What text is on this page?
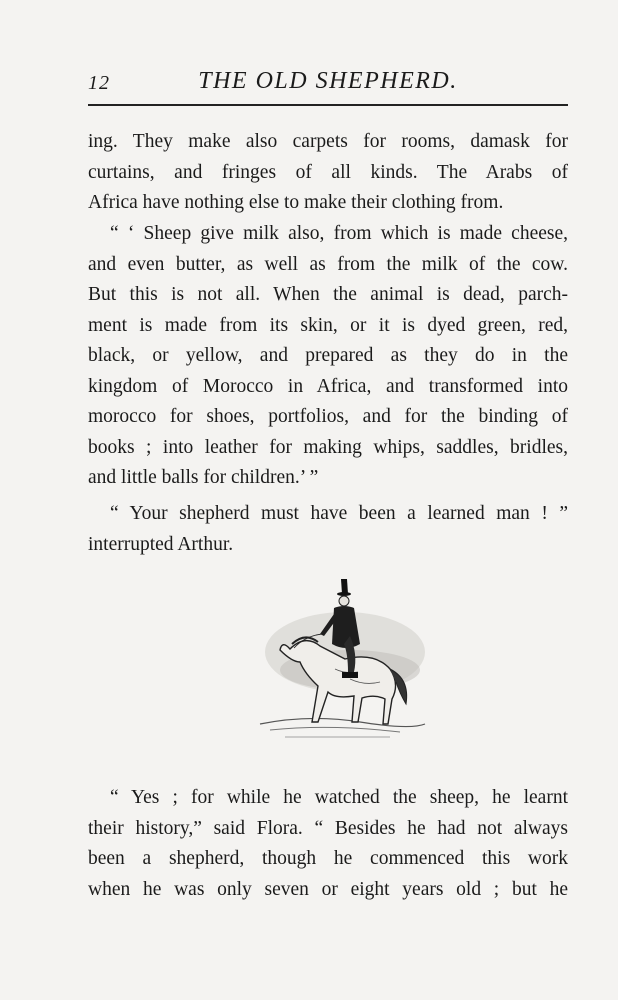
12	THE OLD SHEPHERD.
ing. They make also carpets for rooms, damask for
curtains, and fringes of all kinds. The Arabs of
Africa have nothing else to make their clothing from.
“ ‘ Sheep give milk also, from which is made cheese,
and even butter, as well as from the milk of the cow.
But this is not all. When the animal is dead, parch-
ment is made from its skin, or it is dyed green, red,
black, or yellow, and prepared as they do in the
kingdom of Morocco in Africa, and transformed into
morocco for shoes, portfolios, and for the binding of
books ; into leather for making whips, saddles, bridles,
and little balls for children.’ ”
“ Your shepherd must have been a learned man ! ”
interrupted Arthur.
“ Yes ; for while he watched the sheep, he learnt
their history,” said Flora. “ Besides he had not always
been a shepherd, though he commenced this work
when he was only seven or eight years old ; but he
